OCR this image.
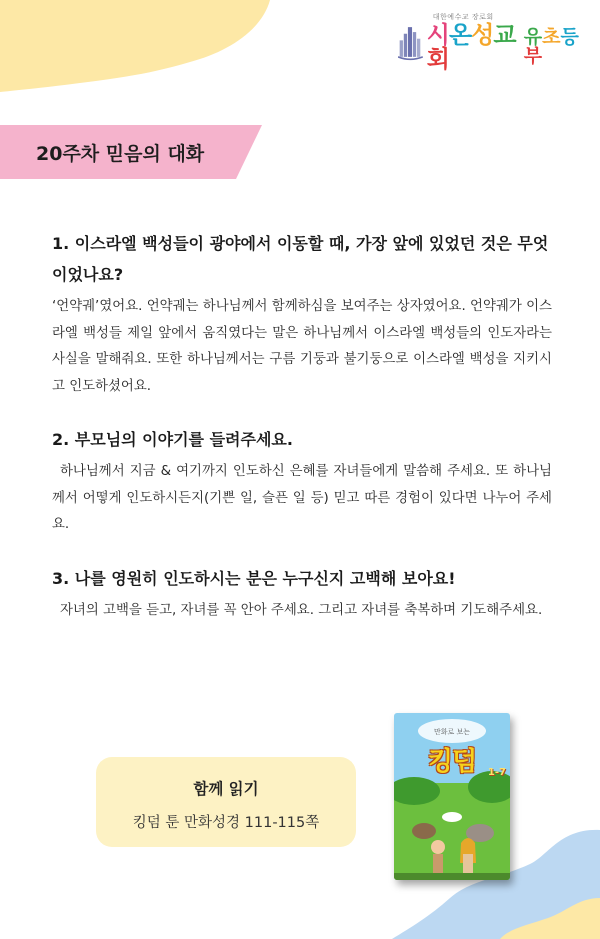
대한예수교 장로회
시온성교회
유초등부
20주차 믿음의 대화
1. 이스라엘 백성들이 광야에서 이동할 때, 가장 앞에 있었던 것은 무엇이었나요?
‘언약궤’였어요. 언약궤는 하나님께서 함께하심을 보여주는 상자였어요. 언약궤가 이스라엘 백성들 제일 앞에서 움직였다는 말은 하나님께서 이스라엘 백성들의 인도자라는 사실을 말해줘요. 또한 하나님께서는 구름 기둥과 불기둥으로 이스라엘 백성을 지키시고 인도하셨어요.
2. 부모님의 이야기를 들려주세요.
하나님께서 지금 & 여기까지 인도하신 은혜를 자녀들에게 말씀해 주세요. 또 하나님께서 어떻게 인도하시든지(기쁜 일, 슬픈 일 등) 믿고 따른 경험이 있다면 나누어 주세요.
3. 나를 영원히 인도하시는 분은 누구신지 고백해 보아요!
자녀의 고백을 듣고, 자녀를 꼭 안아 주세요. 그리고 자녀를 축복하며 기도해주세요.
함께 읽기
킹덤 툰 만화성경 111-115쪽
만화로 보는
킹덤	1-7
